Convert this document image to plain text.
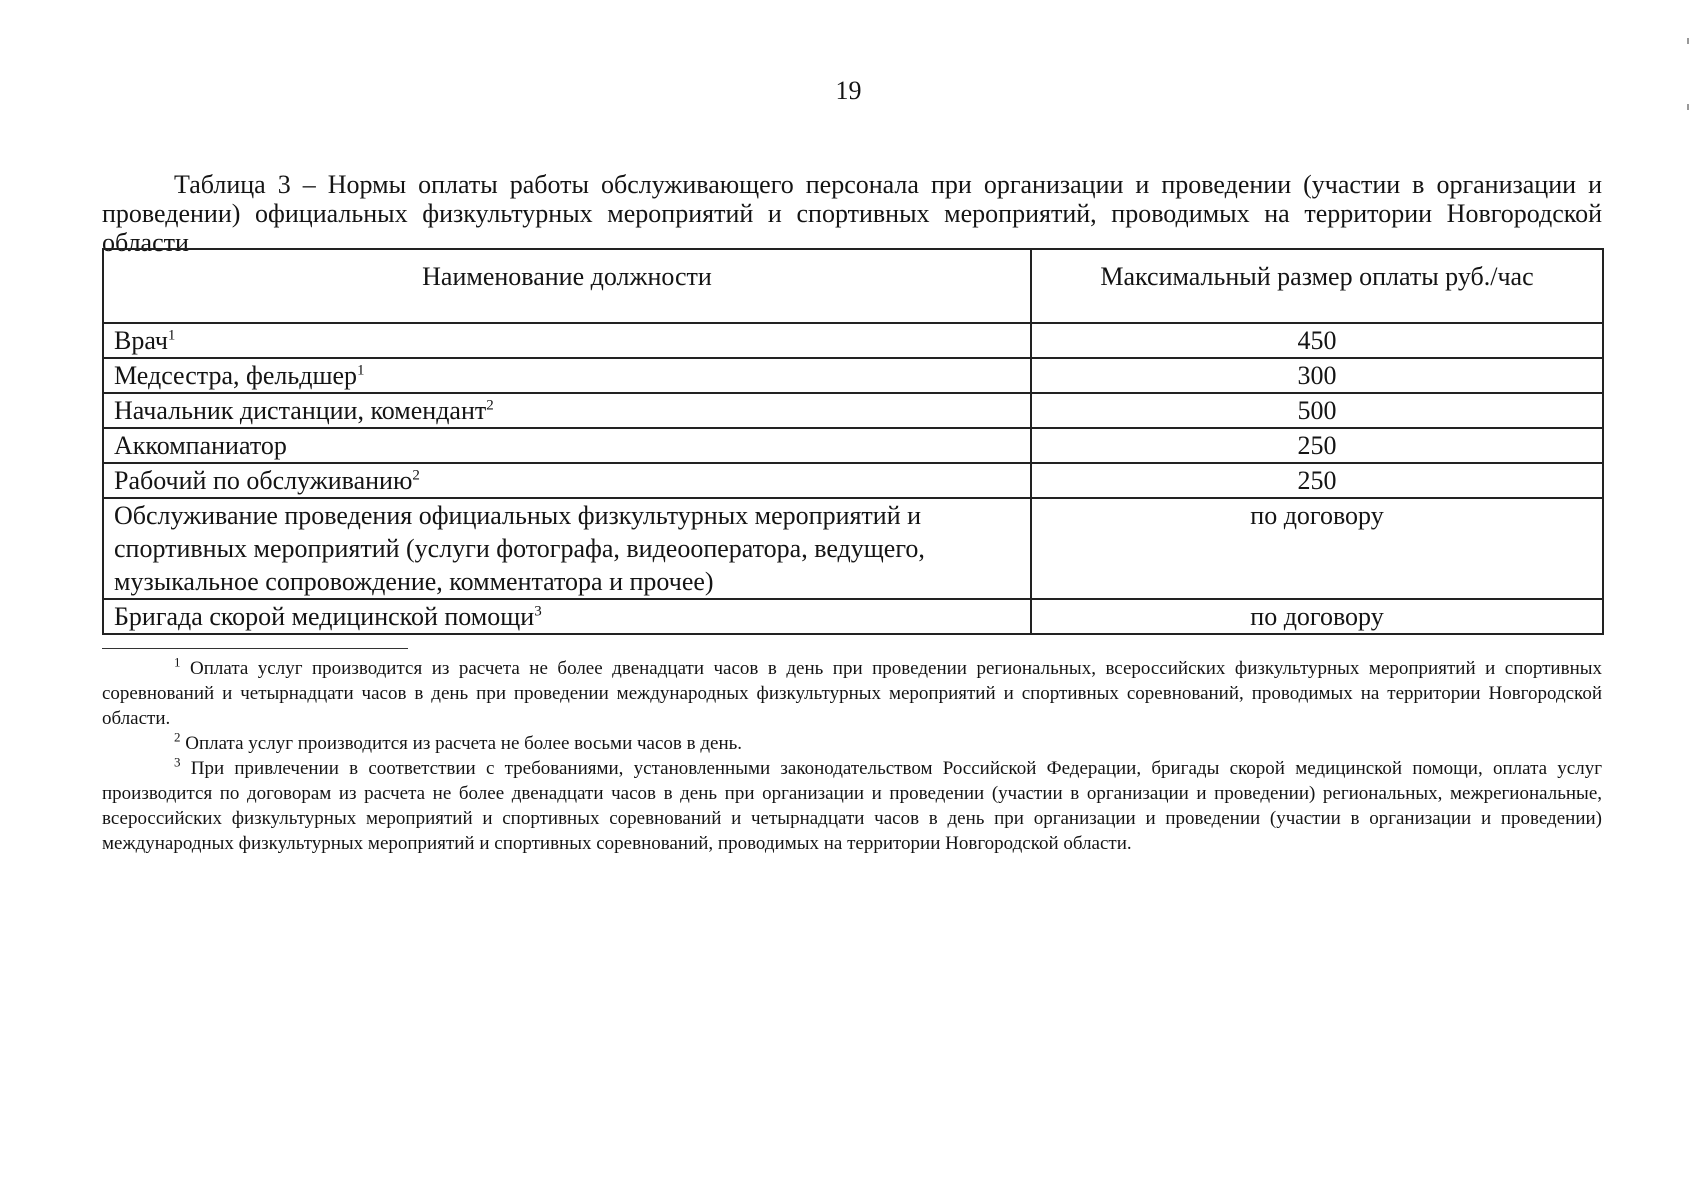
19
Таблица 3 – Нормы оплаты работы обслуживающего персонала при организации и проведении (участии в организации и проведении) официальных физкультурных мероприятий и спортивных мероприятий, проводимых на территории Новгородской области
Наименование должности	Максимальный размер оплаты руб./час
Врач$^1$	450
Медсестра, фельдшер$^1$	300
Начальник дистанции, комендант$^2$	500
Аккомпаниатор	250
Рабочий по обслуживанию$^2$	250
Обслуживание проведения официальных физкультурных мероприятий и спортивных мероприятий (услуги фотографа, видеооператора, ведущего, музыкальное сопровождение, комментатора и прочее)	по договору
Бригада скорой медицинской помощи$^3$	по договору

$^1$ Оплата услуг производится из расчета не более двенадцати часов в день при проведении региональных, всероссийских физкультурных мероприятий и спортивных соревнований и четырнадцати часов в день при проведении международных физкультурных мероприятий и спортивных соревнований, проводимых на территории Новгородской области.

$^2$ Оплата услуг производится из расчета не более восьми часов в день.

$^3$ При привлечении в соответствии с требованиями, установленными законодательством Российской Федерации, бригады скорой медицинской помощи, оплата услуг производится по договорам из расчета не более двенадцати часов в день при организации и проведении (участии в организации и проведении) региональных, межрегиональные, всероссийских физкультурных мероприятий и спортивных соревнований и четырнадцати часов в день при организации и проведении (участии в организации и проведении) международных физкультурных мероприятий и спортивных соревнований, проводимых на территории Новгородской области.
